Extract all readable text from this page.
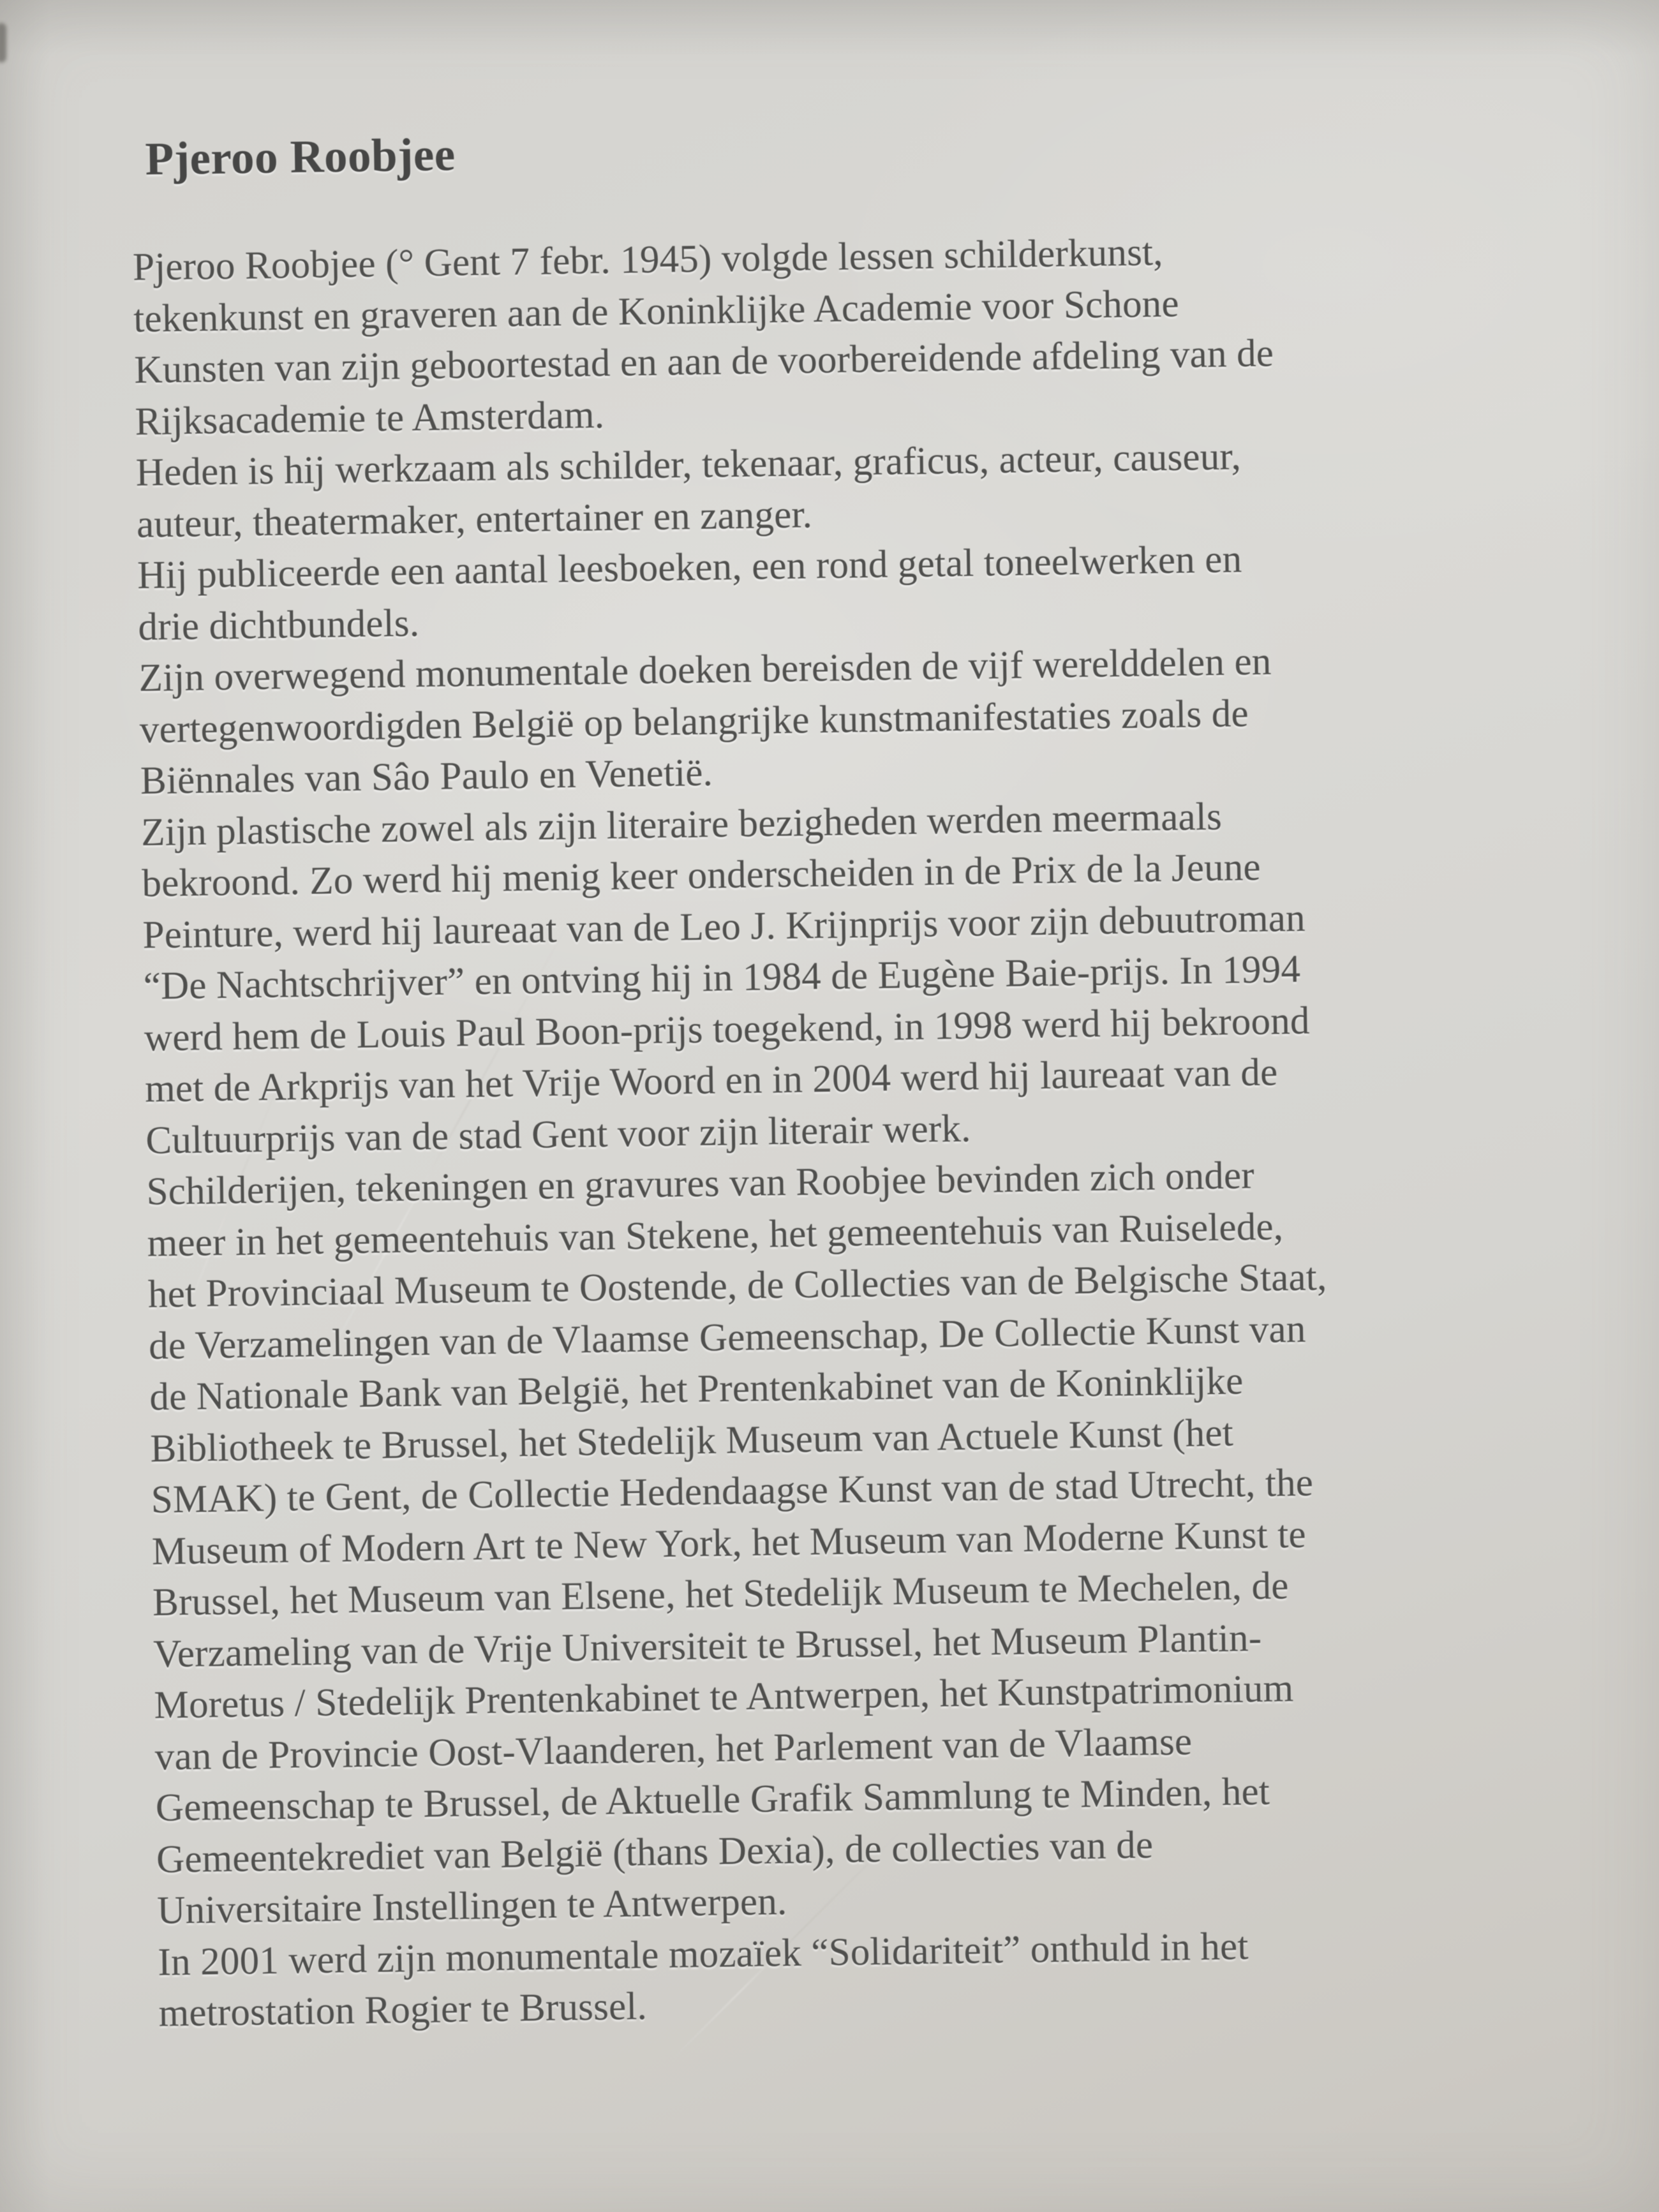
Pjeroo Roobjee
Pjeroo Roobjee (° Gent 7 febr. 1945) volgde lessen schilderkunst,
tekenkunst en graveren aan de Koninklijke Academie voor Schone
Kunsten van zijn geboortestad en aan de voorbereidende afdeling van de
Rijksacademie te Amsterdam.
Heden is hij werkzaam als schilder, tekenaar, graficus, acteur, causeur,
auteur, theatermaker, entertainer en zanger.
Hij publiceerde een aantal leesboeken, een rond getal toneelwerken en
drie dichtbundels.
Zijn overwegend monumentale doeken bereisden de vijf werelddelen en
vertegenwoordigden België op belangrijke kunstmanifestaties zoals de
Biënnales van Sâo Paulo en Venetië.
Zijn plastische zowel als zijn literaire bezigheden werden meermaals
bekroond. Zo werd hij menig keer onderscheiden in de Prix de la Jeune
Peinture, werd hij laureaat van de Leo J. Krijnprijs voor zijn debuutroman
“De Nachtschrijver” en ontving hij in 1984 de Eugène Baie-prijs. In 1994
werd hem de Louis Paul Boon-prijs toegekend, in 1998 werd hij bekroond
met de Arkprijs van het Vrije Woord en in 2004 werd hij laureaat van de
Cultuurprijs van de stad Gent voor zijn literair werk.
Schilderijen, tekeningen en gravures van Roobjee bevinden zich onder
meer in het gemeentehuis van Stekene, het gemeentehuis van Ruiselede,
het Provinciaal Museum te Oostende, de Collecties van de Belgische Staat,
de Verzamelingen van de Vlaamse Gemeenschap, De Collectie Kunst van
de Nationale Bank van België, het Prentenkabinet van de Koninklijke
Bibliotheek te Brussel, het Stedelijk Museum van Actuele Kunst (het
SMAK) te Gent, de Collectie Hedendaagse Kunst van de stad Utrecht, the
Museum of Modern Art te New York, het Museum van Moderne Kunst te
Brussel, het Museum van Elsene, het Stedelijk Museum te Mechelen, de
Verzameling van de Vrije Universiteit te Brussel, het Museum Plantin-
Moretus / Stedelijk Prentenkabinet te Antwerpen, het Kunstpatrimonium
van de Provincie Oost-Vlaanderen, het Parlement van de Vlaamse
Gemeenschap te Brussel, de Aktuelle Grafik Sammlung te Minden, het
Gemeentekrediet van België (thans Dexia), de collecties van de
Universitaire Instellingen te Antwerpen.
In 2001 werd zijn monumentale mozaïek “Solidariteit” onthuld in het
metrostation Rogier te Brussel.
